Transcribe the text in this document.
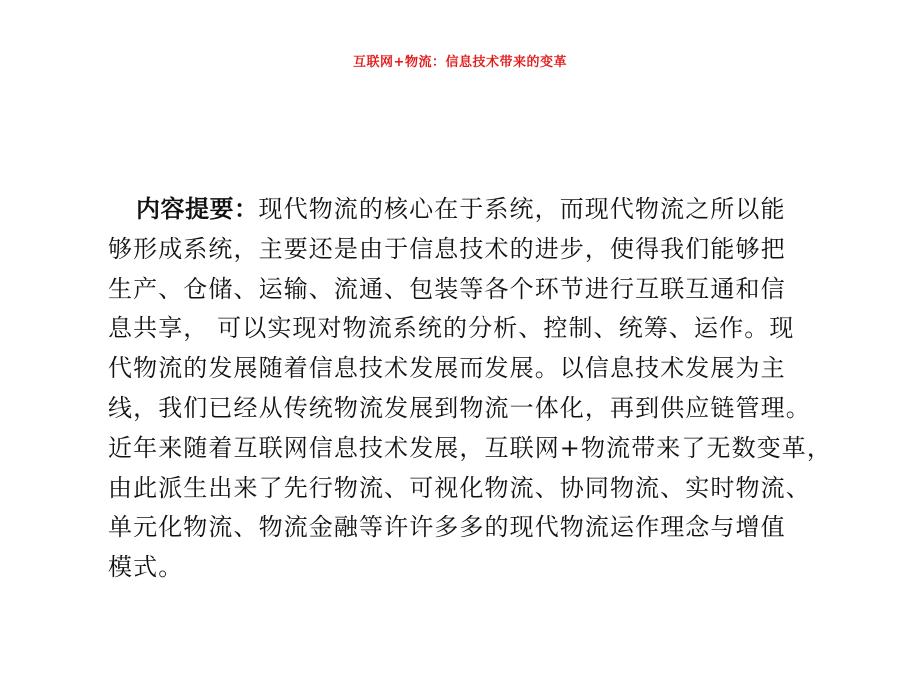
互联网+物流：信息技术带来的变革
内容提要：现代物流的核心在于系统，而现代物流之所以能
够形成系统，主要还是由于信息技术的进步，使得我们能够把
生产、仓储、运输、流通、包装等各个环节进行互联互通和信
息共享， 可以实现对物流系统的分析、控制、统筹、运作。现
代物流的发展随着信息技术发展而发展。以信息技术发展为主
线，我们已经从传统物流发展到物流一体化，再到供应链管理。
近年来随着互联网信息技术发展，互联网+物流带来了无数变革，
由此派生出来了先行物流、可视化物流、协同物流、实时物流、
单元化物流、物流金融等许许多多的现代物流运作理念与增值
模式。
